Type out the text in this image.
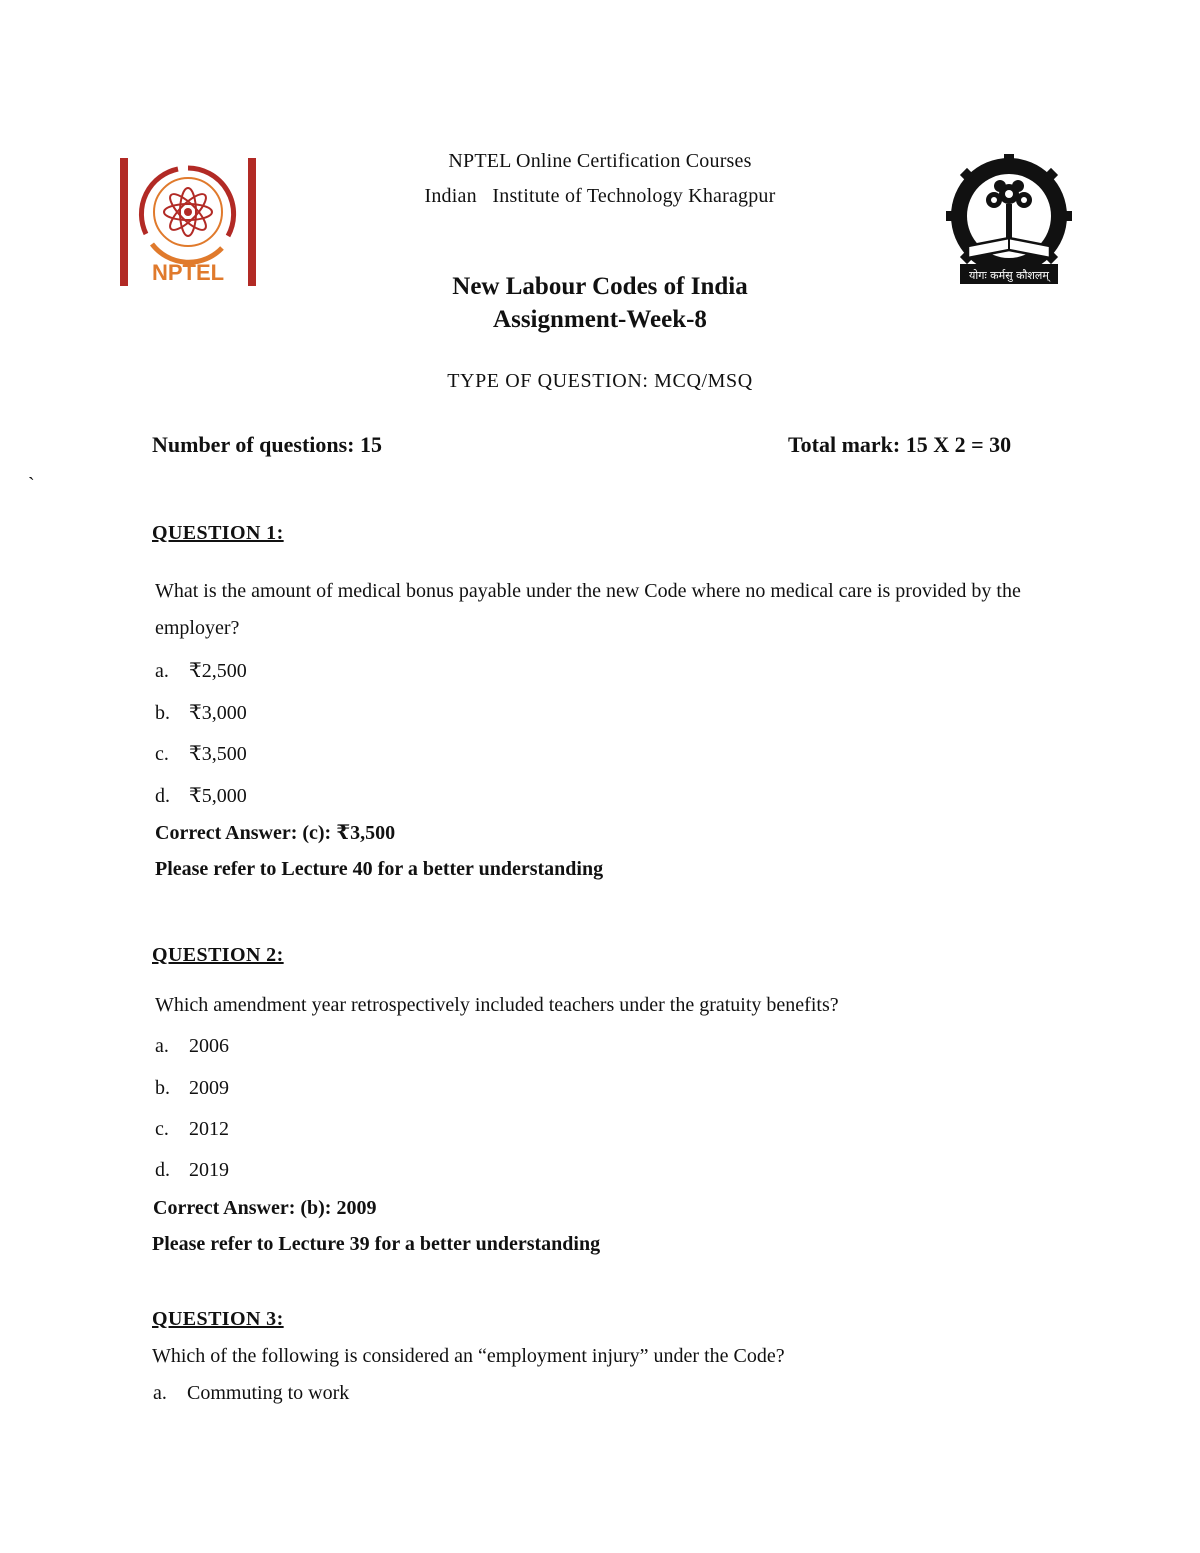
NPTEL	योगः कर्मसु कौशलम्
NPTEL Online Certification Courses
Indian   Institute of Technology Kharagpur
New Labour Codes of India
Assignment-Week-8
TYPE OF QUESTION: MCQ/MSQ
Number of questions: 15	Total mark: 15 X 2 = 30
`
QUESTION 1:
What is the amount of medical bonus payable under the new Code where no medical care is provided by the employer?
a. ₹2,500
b. ₹3,000
c. ₹3,500
d. ₹5,000
Correct Answer: (c): ₹3,500
Please refer to Lecture 40 for a better understanding
QUESTION 2:
Which amendment year retrospectively included teachers under the gratuity benefits?
a. 2006
b. 2009
c. 2012
d. 2019
Correct Answer: (b): 2009
Please refer to Lecture 39 for a better understanding
QUESTION 3:
Which of the following is considered an “employment injury” under the Code?
a. Commuting to work
